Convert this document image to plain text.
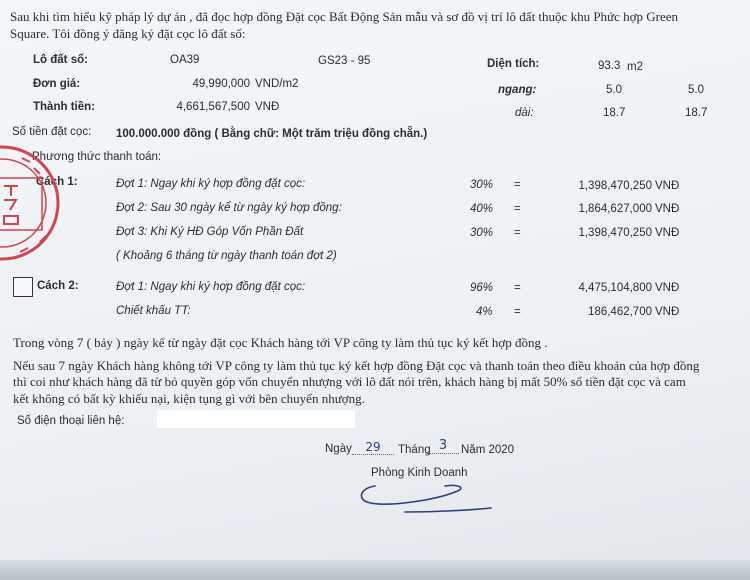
Sau khi tìm hiểu kỹ pháp lý dự án , đã đọc hợp đồng Đặt cọc Bất Động Sản mẫu và sơ đồ vị trí lô đất thuộc khu Phức hợp Green
Square. Tôi đồng ý đăng ký đặt cọc lô đất số:
Lô đất số:	OA39	GS23 - 95	Diện tích:	93.3 m2
Đơn giá:	49,990,000 VND/m2	ngang:	5.0	5.0
Thành tiền:	4,661,567,500 VNĐ	dài:	18.7	18.7
Số tiền đặt cọc: 100.000.000 đồng ( Bằng chữ: Một trăm triệu đồng chẵn.)
Phương thức thanh toán:
Cách 1:	Đợt 1: Ngay khi ký hợp đồng đặt cọc:	30% =	1,398,470,250 VNĐ
Đợt 2: Sau 30 ngày kể từ ngày ký hợp đồng:	40% =	1,864,627,000 VNĐ
Đợt 3: Khi Ký HĐ Góp Vốn Phần Đất	30% =	1,398,470,250 VNĐ
( Khoảng 6 tháng từ ngày thanh toán đợt 2)
Cách 2:	Đợt 1: Ngay khi ký hợp đồng đặt cọc:	96% =	4,475,104,800 VNĐ
Chiết khấu TT:	4% =	186,462,700 VNĐ
Trong vòng 7 ( bảy ) ngày kể từ ngày đặt cọc Khách hàng tới VP công ty làm thủ tục ký kết hợp đồng .
Nếu sau 7 ngày Khách hàng không tới VP công ty làm thủ tục ký kết hợp đồng Đặt cọc và thanh toán theo điều khoản của hợp đồng
thì coi như khách hàng đã từ bỏ quyền góp vốn chuyển nhượng với lô đất nói trên, khách hàng bị mất 50% số tiền đặt cọc và cam
kết không có bất kỳ khiếu nại, kiện tụng gì với bên chuyển nhượng.
Số điện thoại liên hệ:
Ngày	29	Tháng 3	Năm 2020
Phòng Kinh Doanh
